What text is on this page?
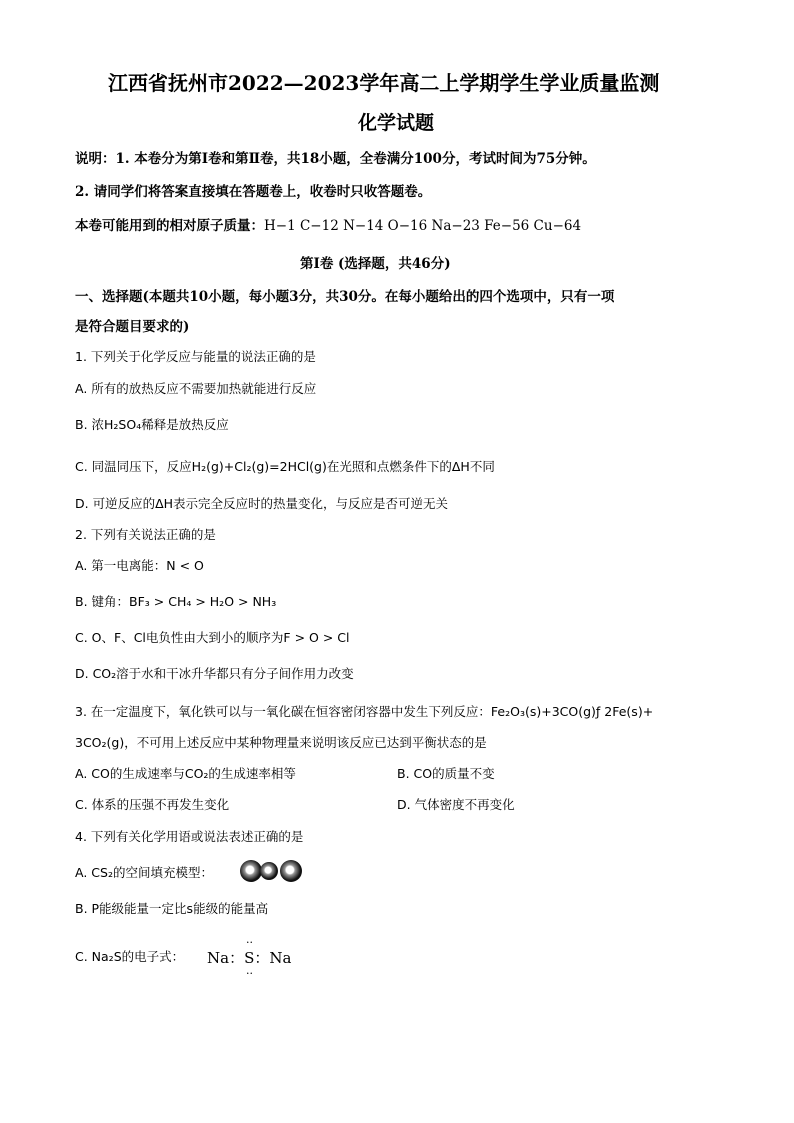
江西省抚州市2022—2023学年高二上学期学生学业质量监测
化学试题
说明：1. 本卷分为第Ⅰ卷和第Ⅱ卷，共18小题，全卷满分100分，考试时间为75分钟。
2. 请同学们将答案直接填在答题卷上，收卷时只收答题卷。
本卷可能用到的相对原子质量：H−1 C−12 N−14 O−16 Na−23 Fe−56 Cu−64
第Ⅰ卷 (选择题，共46分)
一、选择题(本题共10小题，每小题3分，共30分。在每小题给出的四个选项中，只有一项
是符合题目要求的)
1. 下列关于化学反应与能量的说法正确的是
A. 所有的放热反应不需要加热就能进行反应
B. 浓H₂SO₄稀释是放热反应
C. 同温同压下，反应H₂(g)+Cl₂(g)=2HCl(g)在光照和点燃条件下的ΔH不同
D. 可逆反应的ΔH表示完全反应时的热量变化，与反应是否可逆无关
2. 下列有关说法正确的是
A. 第一电离能：N < O
B. 键角：BF₃ > CH₄ > H₂O > NH₃
C. O、F、Cl电负性由大到小的顺序为F > O > Cl
D. CO₂溶于水和干冰升华都只有分子间作用力改变
3. 在一定温度下，氧化铁可以与一氧化碳在恒容密闭容器中发生下列反应：Fe₂O₃(s)+3CO(g)ƒ 2Fe(s)+
3CO₂(g)，不可用上述反应中某种物理量来说明该反应已达到平衡状态的是
A. CO的生成速率与CO₂的生成速率相等	B. CO的质量不变
C. 体系的压强不再发生变化	D. 气体密度不再变化
4. 下列有关化学用语或说法表述正确的是
A. CS₂的空间填充模型：
B. P能级能量一定比s能级的能量高
C. Na₂S的电子式： Na：S：Na
··
··
